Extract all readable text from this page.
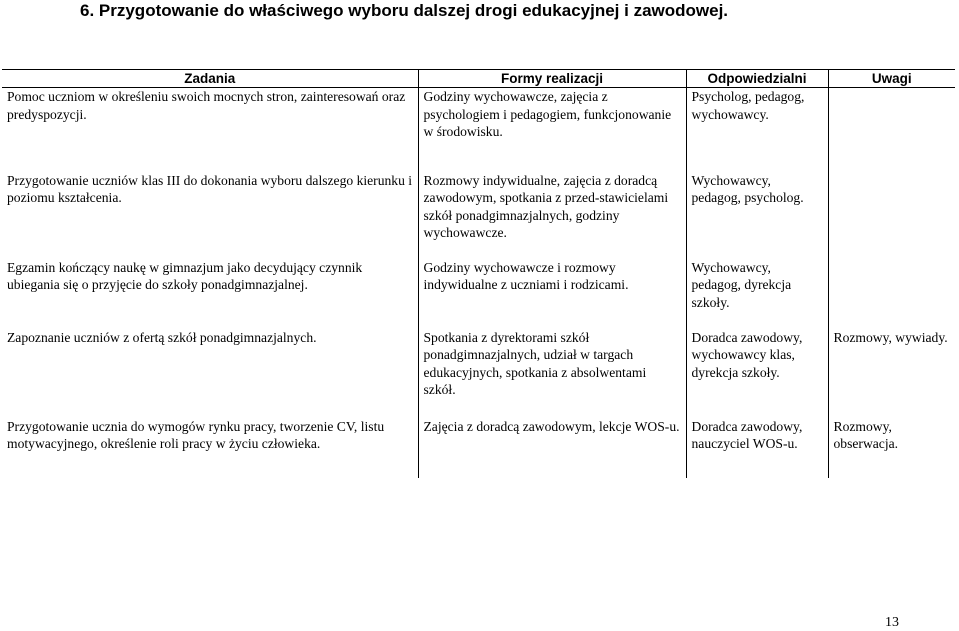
6. Przygotowanie do właściwego wyboru dalszej drogi edukacyjnej i zawodowej.
Zadania	Formy realizacji	Odpowiedzialni	Uwagi
Pomoc uczniom w określeniu swoich mocnych stron, zainteresowań oraz predyspozycji.	Godziny wychowawcze, zajęcia z psychologiem i pedagogiem, funkcjonowanie w środowisku.	Psycholog, pedagog, wychowawcy.	
Przygotowanie uczniów klas III do dokonania wyboru dalszego kierunku i poziomu kształcenia.	Rozmowy indywidualne, zajęcia z doradcą zawodowym, spotkania z przed-stawicielami szkół ponadgimnazjalnych, godziny wychowawcze.	Wychowawcy, pedagog, psycholog.	
Egzamin kończący naukę w gimnazjum jako decydujący czynnik ubiegania się o przyjęcie do szkoły ponadgimnazjalnej.	Godziny wychowawcze i rozmowy indywidualne z uczniami i rodzicami.	Wychowawcy, pedagog, dyrekcja szkoły.	
Zapoznanie uczniów z ofertą szkół ponadgimnazjalnych.	Spotkania z dyrektorami szkół ponadgimnazjalnych, udział w targach edukacyjnych, spotkania z absolwentami szkół.	Doradca zawodowy, wychowawcy klas, dyrekcja szkoły.	Rozmowy, wywiady.
Przygotowanie ucznia do wymogów rynku pracy, tworzenie CV, listu motywacyjnego, określenie roli pracy w życiu człowieka.	Zajęcia z doradcą zawodowym, lekcje WOS-u.	Doradca zawodowy, nauczyciel WOS-u.	Rozmowy, obserwacja.
13
